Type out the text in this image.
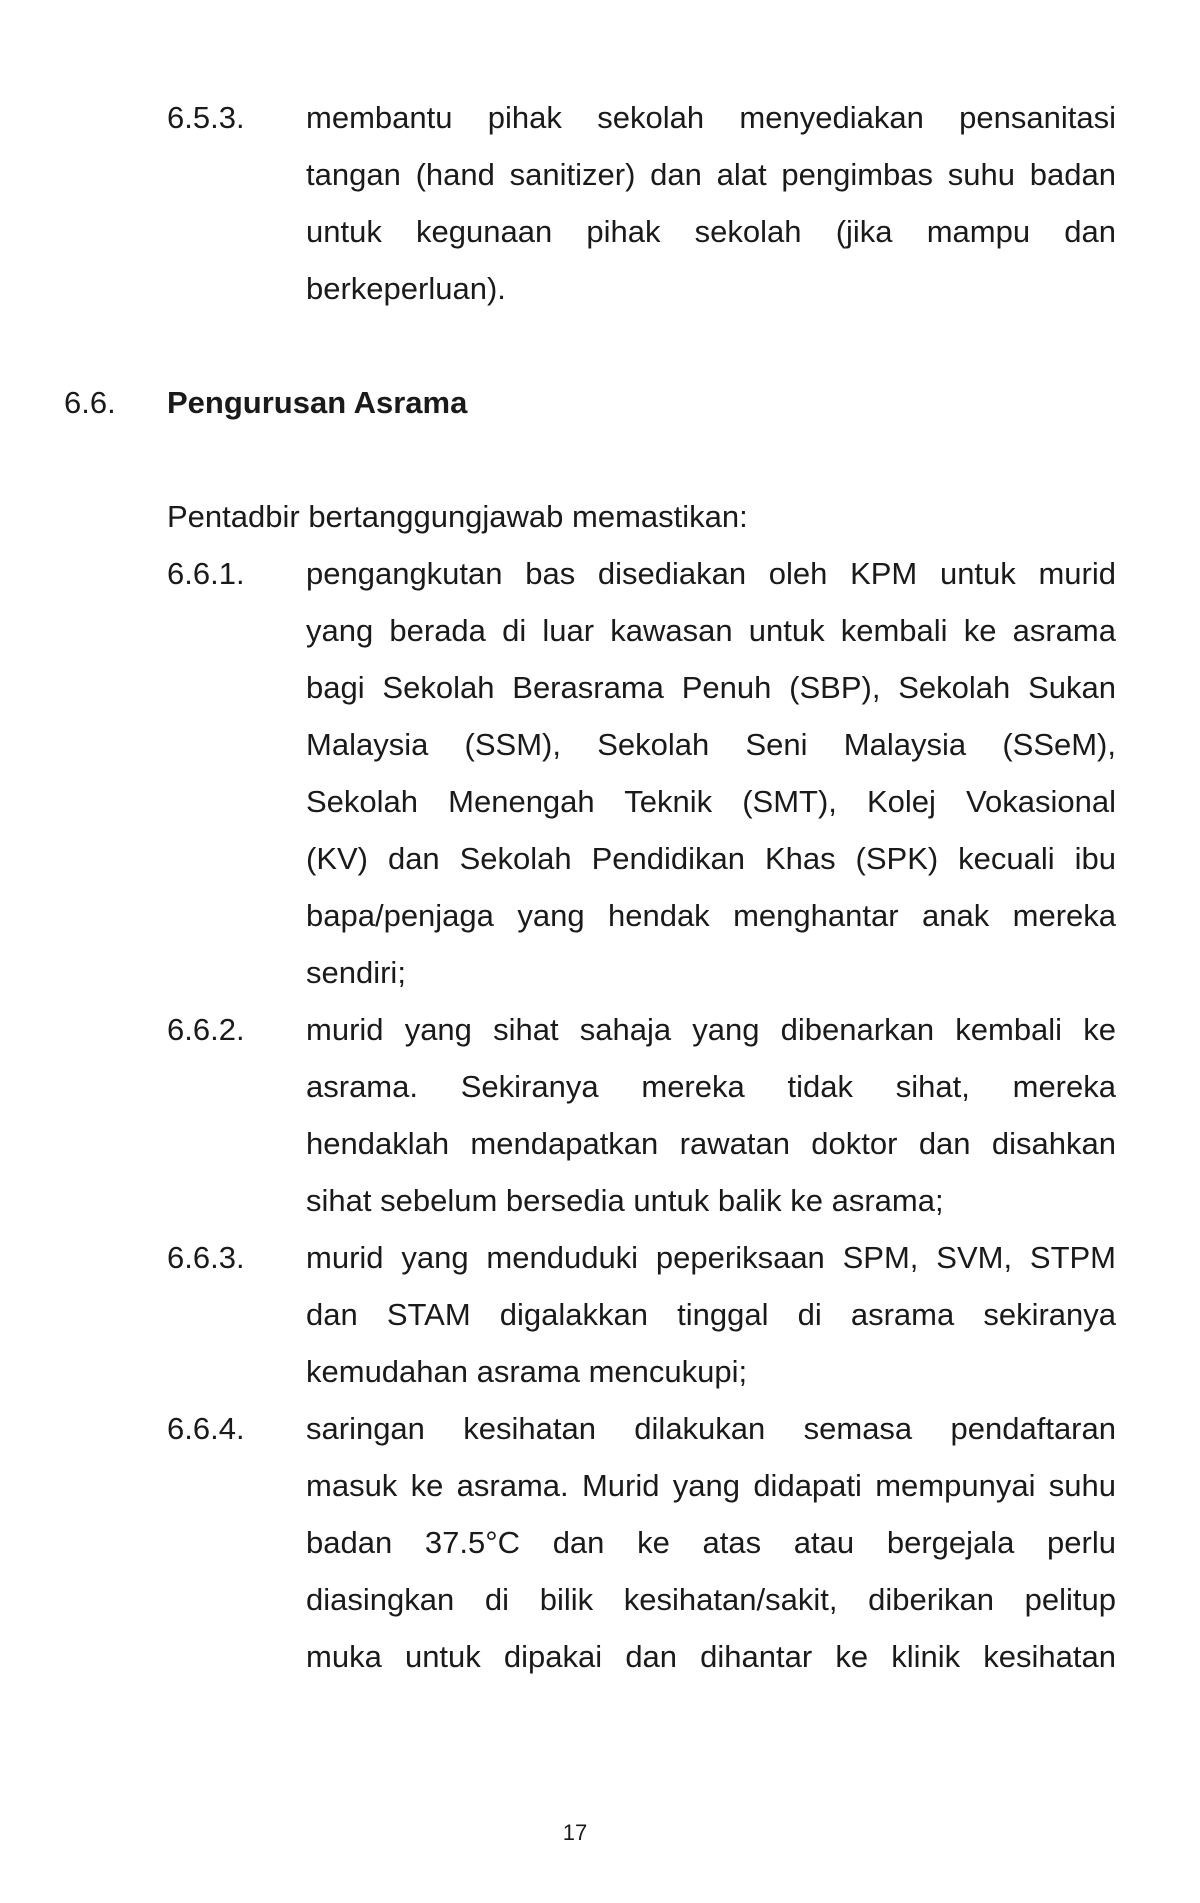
6.5.3. membantu pihak sekolah menyediakan pensanitasi
tangan (hand sanitizer) dan alat pengimbas suhu badan
untuk kegunaan pihak sekolah (jika mampu dan
berkeperluan).
6.6. Pengurusan Asrama
Pentadbir bertanggungjawab memastikan:
6.6.1. pengangkutan bas disediakan oleh KPM untuk murid
yang berada di luar kawasan untuk kembali ke asrama
bagi Sekolah Berasrama Penuh (SBP), Sekolah Sukan
Malaysia (SSM), Sekolah Seni Malaysia (SSeM),
Sekolah Menengah Teknik (SMT), Kolej Vokasional
(KV) dan Sekolah Pendidikan Khas (SPK) kecuali ibu
bapa/penjaga yang hendak menghantar anak mereka
sendiri;
6.6.2. murid yang sihat sahaja yang dibenarkan kembali ke
asrama. Sekiranya mereka tidak sihat, mereka
hendaklah mendapatkan rawatan doktor dan disahkan
sihat sebelum bersedia untuk balik ke asrama;
6.6.3. murid yang menduduki peperiksaan SPM, SVM, STPM
dan STAM digalakkan tinggal di asrama sekiranya
kemudahan asrama mencukupi;
6.6.4. saringan kesihatan dilakukan semasa pendaftaran
masuk ke asrama. Murid yang didapati mempunyai suhu
badan 37.5°C dan ke atas atau bergejala perlu
diasingkan di bilik kesihatan/sakit, diberikan pelitup
muka untuk dipakai dan dihantar ke klinik kesihatan
17
